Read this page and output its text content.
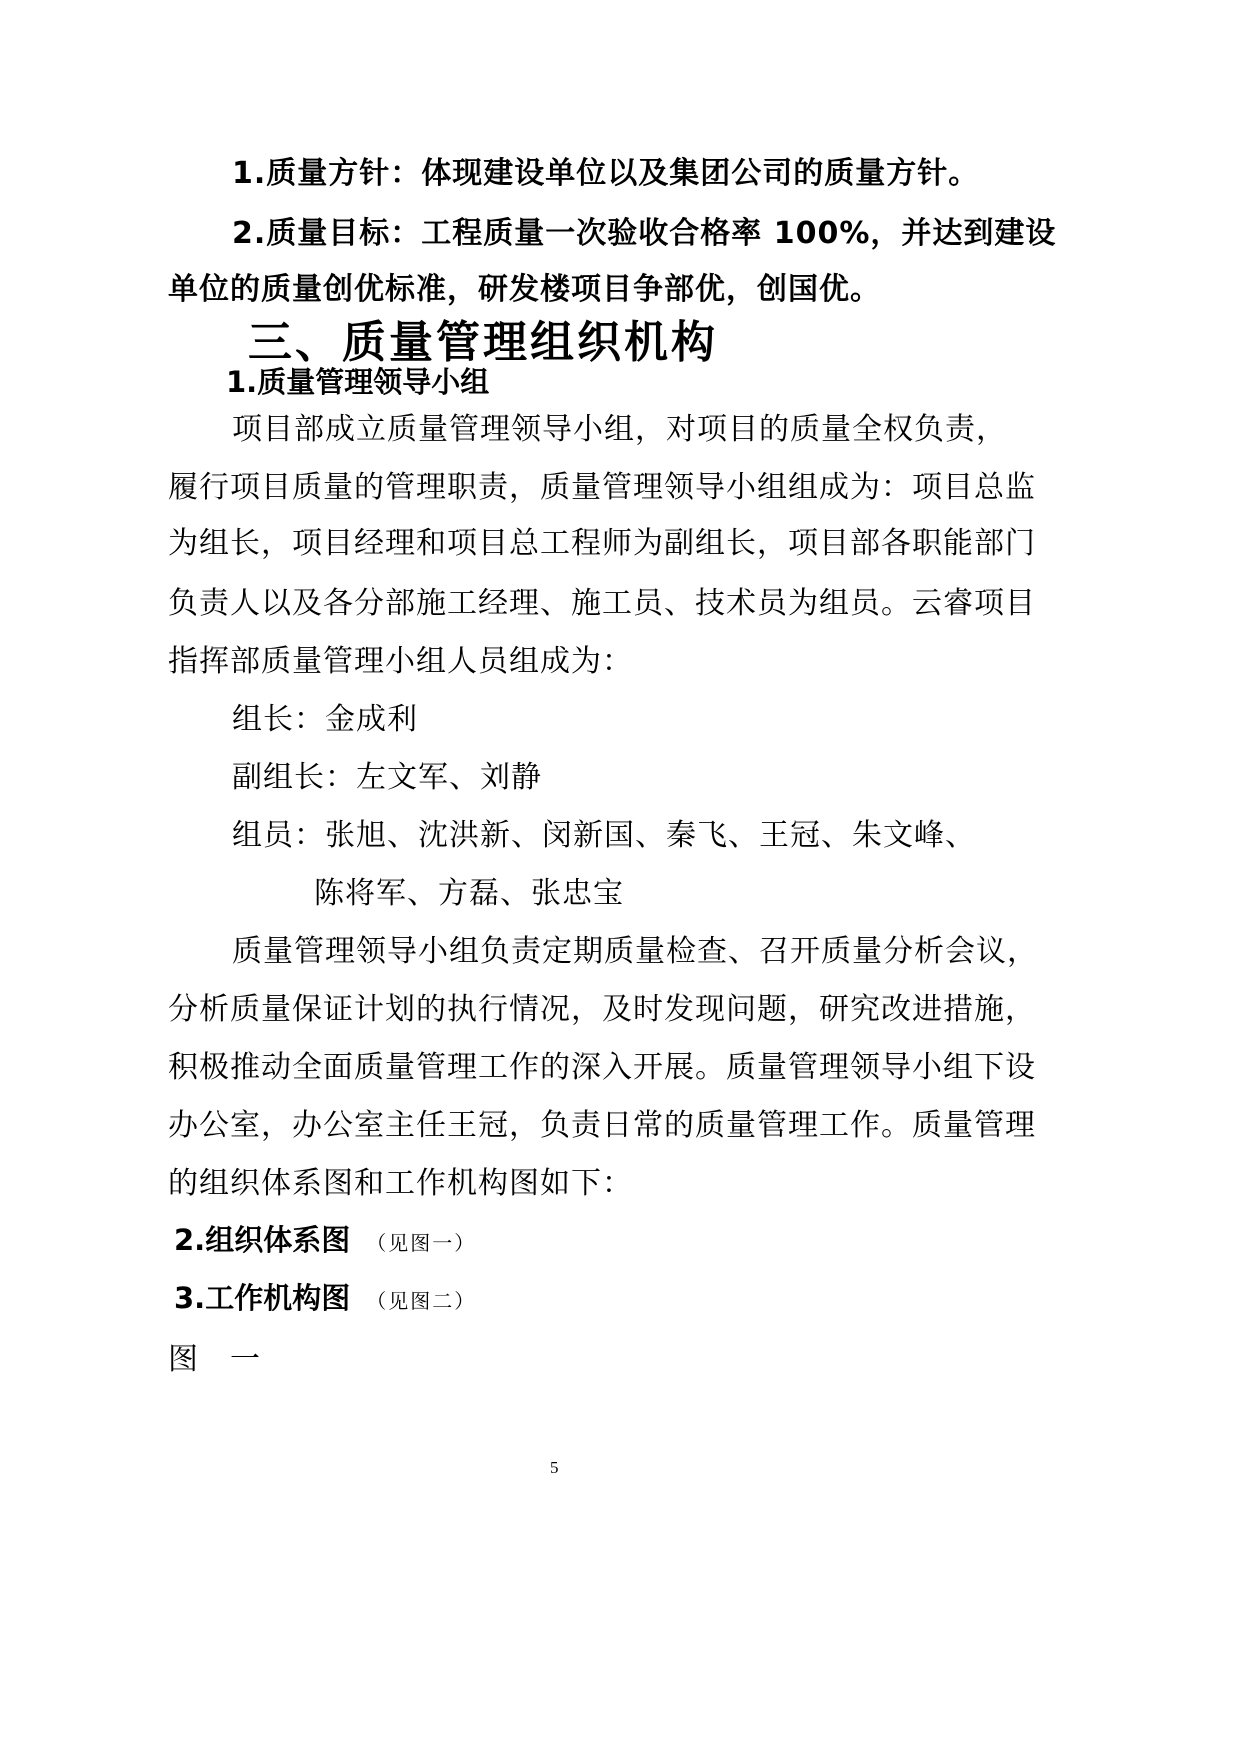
1.质量方针：体现建设单位以及集团公司的质量方针。

2.质量目标：工程质量一次验收合格率 100%，并达到建设

单位的质量创优标准，研发楼项目争部优，创国优。

三、质量管理组织机构
1.质量管理领导小组

项目部成立质量管理领导小组，对项目的质量全权负责，

履行项目质量的管理职责，质量管理领导小组组成为：项目总监

为组长，项目经理和项目总工程师为副组长，项目部各职能部门

负责人以及各分部施工经理、施工员、技术员为组员。云睿项目

指挥部质量管理小组人员组成为：

组长：金成利

副组长：左文军、刘静

组员：张旭、沈洪新、闵新国、秦飞、王冠、朱文峰、

陈将军、方磊、张忠宝

质量管理领导小组负责定期质量检查、召开质量分析会议，

分析质量保证计划的执行情况，及时发现问题，研究改进措施，

积极推动全面质量管理工作的深入开展。质量管理领导小组下设

办公室，办公室主任王冠，负责日常的质量管理工作。质量管理

的组织体系图和工作机构图如下：

2.组织体系图 （见图一）

3.工作机构图 （见图二）

图　一

5
